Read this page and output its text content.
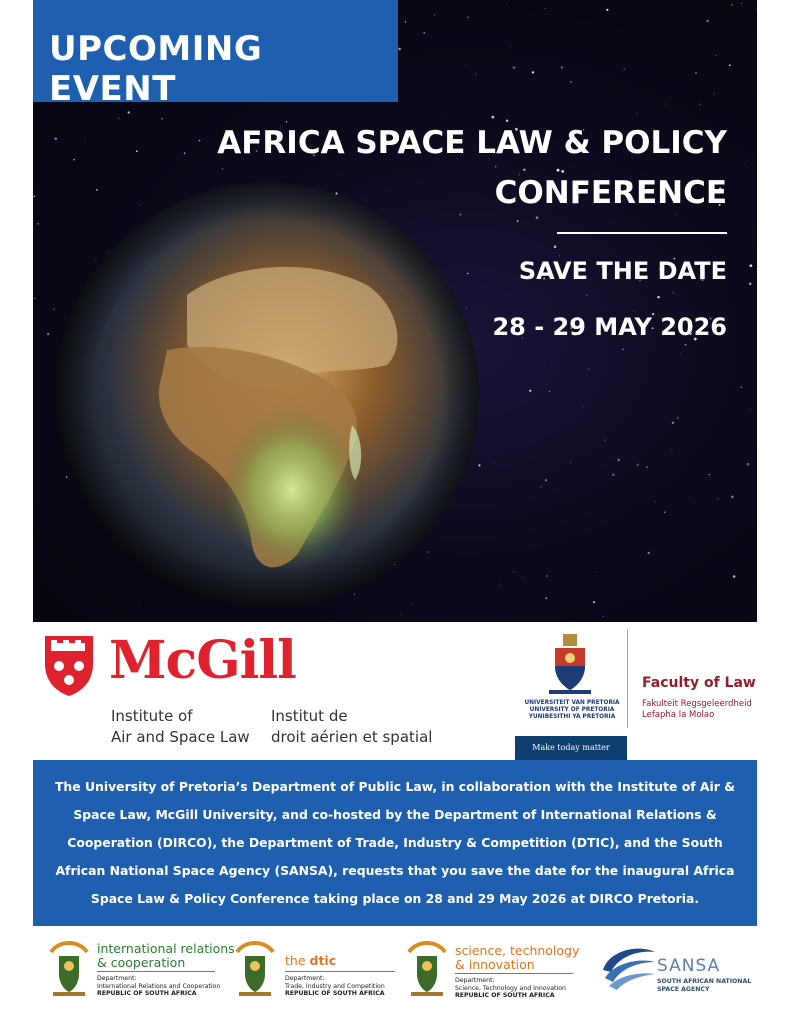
UPCOMING EVENT
AFRICA SPACE LAW & POLICY
CONFERENCE
SAVE THE DATE
28 - 29 MAY 2026
McGill
Institute of
Air and Space Law
Institut de
droit aérien et spatial
UNIVERSITEIT VAN PRETORIA
UNIVERSITY OF PRETORIA
YUNIBESITHI YA PRETORIA
Faculty of Law
Fakulteit Regsgeleerdheid
Lefapha la Molao
Make today matter
The University of Pretoria’s Department of Public Law, in collaboration with the Institute of Air & Space Law, McGill University, and co-hosted by the Department of International Relations & Cooperation (DIRCO), the Department of Trade, Industry & Competition (DTIC), and the South African National Space Agency (SANSA), requests that you save the date for the inaugural Africa Space Law & Policy Conference taking place on 28 and 29 May 2026 at DIRCO Pretoria.
international relations
& cooperation
Department:
International Relations and Cooperation
REPUBLIC OF SOUTH AFRICA
the dtic
Department:
Trade, Industry and Competition
REPUBLIC OF SOUTH AFRICA
science, technology
& innovation
Department:
Science, Technology and Innovation
REPUBLIC OF SOUTH AFRICA
SANSA
SOUTH AFRICAN NATIONAL
SPACE AGENCY
